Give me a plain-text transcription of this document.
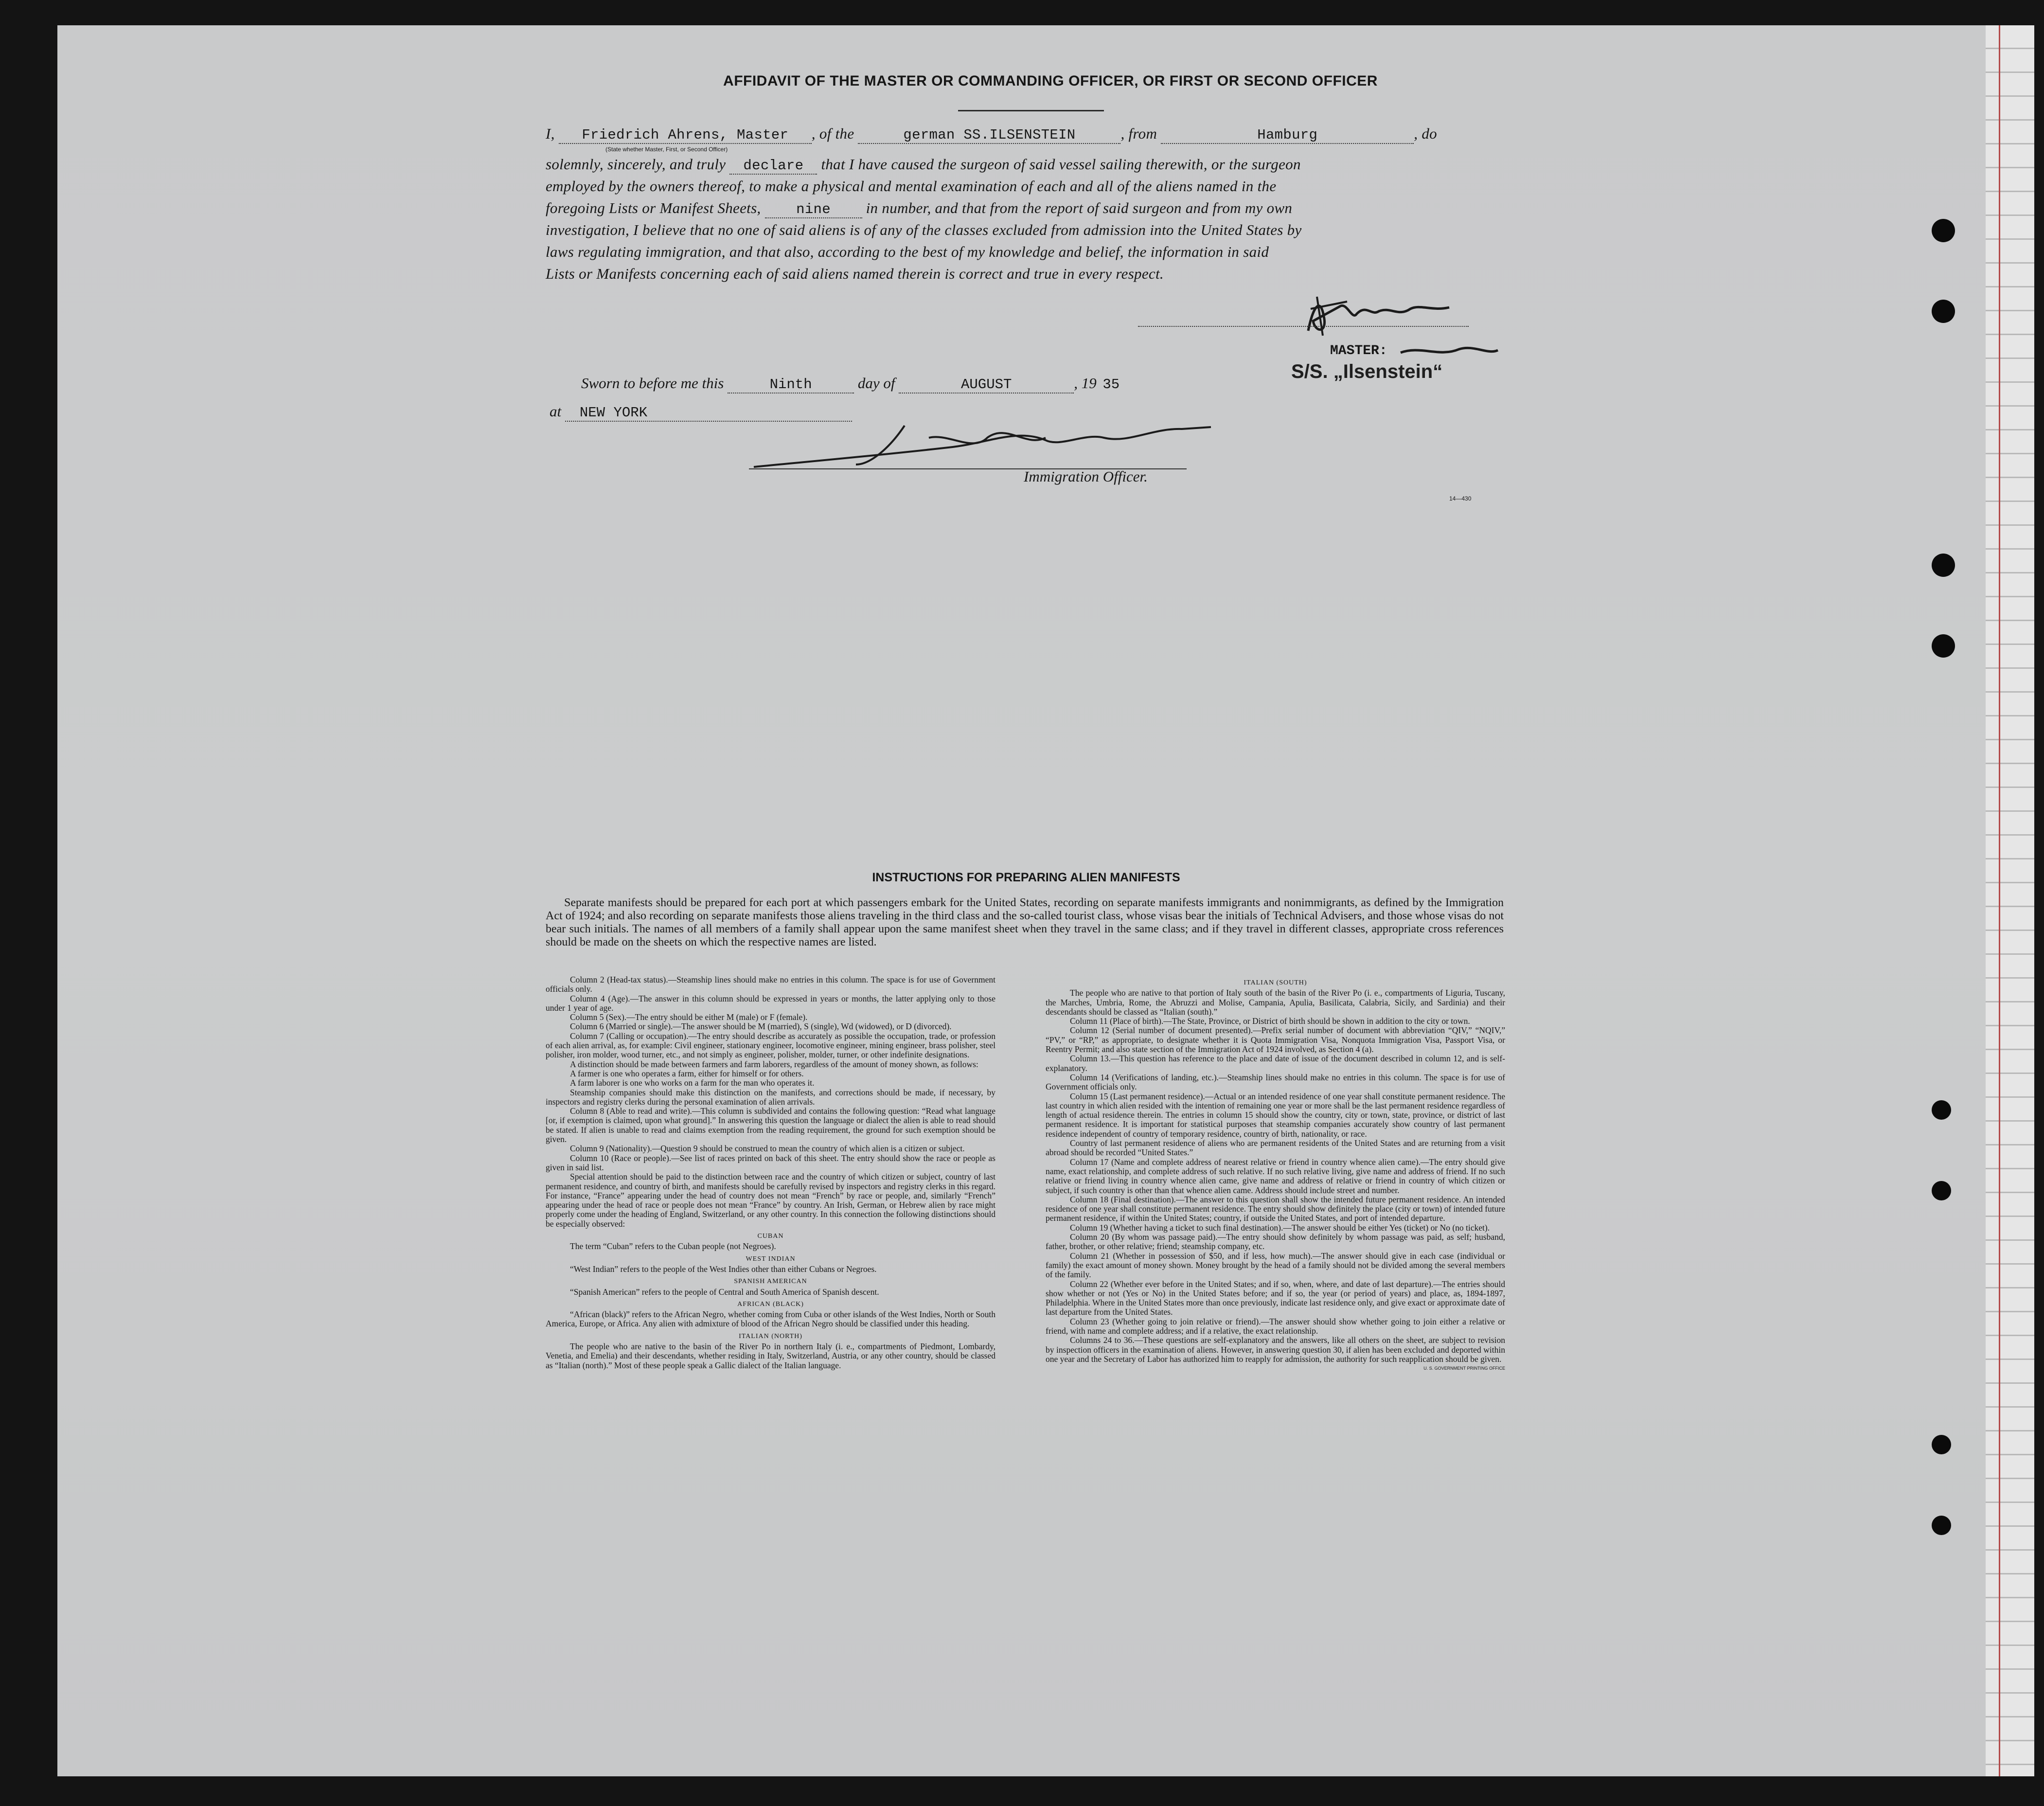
AFFIDAVIT OF THE MASTER OR COMMANDING OFFICER, OR FIRST OR SECOND OFFICER
I, Friedrich Ahrens, Master , of the	german SS.ILSENSTEIN	, from	Hamburg	, do
(State whether Master, First, or Second Officer)
solemnly, sincerely, and truly declare that I have caused the surgeon of said vessel sailing therewith, or the surgeon
employed by the owners thereof, to make a physical and mental examination of each and all of the aliens named in the
foregoing Lists or Manifest Sheets,	nine in number, and that from the report of said surgeon and from my own
investigation, I believe that no one of said aliens is of any of the classes excluded from admission into the United States by
laws regulating immigration, and that also, according to the best of my knowledge and belief, the information in said
Lists or Manifests concerning each of said aliens named therein is correct and true in every respect.
MASTER:
S/S. „Ilsenstein“
Sworn to before me this	Ninth	day of	AUGUST	, 19 35
at NEW YORK
Immigration Officer.
14—430
INSTRUCTIONS FOR PREPARING ALIEN MANIFESTS

Separate manifests should be prepared for each port at which passengers embark for the United States, recording on separate manifests immigrants and nonimmigrants, as defined by the Immigration Act of 1924; and also recording on separate manifests those aliens traveling in the third class and the so-called tourist class, whose visas bear the initials of Technical Advisers, and those whose visas do not bear such initials. The names of all members of a family shall appear upon the same manifest sheet when they travel in the same class; and if they travel in different classes, appropriate cross references should be made on the sheets on which the respective names are listed.

Column 2 (Head-tax status).—Steamship lines should make no entries in this column. The space is for use of Government officials only.

Column 4 (Age).—The answer in this column should be expressed in years or months, the latter applying only to those under 1 year of age.

Column 5 (Sex).—The entry should be either M (male) or F (female).

Column 6 (Married or single).—The answer should be M (married), S (single), Wd (widowed), or D (divorced).

Column 7 (Calling or occupation).—The entry should describe as accurately as possible the occupation, trade, or profession of each alien arrival, as, for example: Civil engineer, stationary engineer, locomotive engineer, mining engineer, brass polisher, steel polisher, iron molder, wood turner, etc., and not simply as engineer, polisher, molder, turner, or other indefinite designations.

A distinction should be made between farmers and farm laborers, regardless of the amount of money shown, as follows:

A farmer is one who operates a farm, either for himself or for others.

A farm laborer is one who works on a farm for the man who operates it.

Steamship companies should make this distinction on the manifests, and corrections should be made, if necessary, by inspectors and registry clerks during the personal examination of alien arrivals.

Column 8 (Able to read and write).—This column is subdivided and contains the following question: “Read what language [or, if exemption is claimed, upon what ground].” In answering this question the language or dialect the alien is able to read should be stated. If alien is unable to read and claims exemption from the reading requirement, the ground for such exemption should be given.

Column 9 (Nationality).—Question 9 should be construed to mean the country of which alien is a citizen or subject.

Column 10 (Race or people).—See list of races printed on back of this sheet. The entry should show the race or people as given in said list.

Special attention should be paid to the distinction between race and the country of which citizen or subject, country of last permanent residence, and country of birth, and manifests should be carefully revised by inspectors and registry clerks in this regard. For instance, “France” appearing under the head of country does not mean “French” by race or people, and, similarly “French” appearing under the head of race or people does not mean “France” by country. An Irish, German, or Hebrew alien by race might properly come under the heading of England, Switzerland, or any other country. In this connection the following distinctions should be especially observed:

CUBAN

The term “Cuban” refers to the Cuban people (not Negroes).

WEST INDIAN

“West Indian” refers to the people of the West Indies other than either Cubans or Negroes.

SPANISH AMERICAN

“Spanish American” refers to the people of Central and South America of Spanish descent.

AFRICAN (BLACK)

“African (black)” refers to the African Negro, whether coming from Cuba or other islands of the West Indies, North or South America, Europe, or Africa. Any alien with admixture of blood of the African Negro should be classified under this heading.

ITALIAN (NORTH)

The people who are native to the basin of the River Po in northern Italy (i. e., compartments of Piedmont, Lombardy, Venetia, and Emelia) and their descendants, whether residing in Italy, Switzerland, Austria, or any other country, should be classed as “Italian (north).” Most of these people speak a Gallic dialect of the Italian language.

ITALIAN (SOUTH)

The people who are native to that portion of Italy south of the basin of the River Po (i. e., compartments of Liguria, Tuscany, the Marches, Umbria, Rome, the Abruzzi and Molise, Campania, Apulia, Basilicata, Calabria, Sicily, and Sardinia) and their descendants should be classed as “Italian (south).”

Column 11 (Place of birth).—The State, Province, or District of birth should be shown in addition to the city or town.

Column 12 (Serial number of document presented).—Prefix serial number of document with abbreviation “QIV,” “NQIV,” “PV,” or “RP,” as appropriate, to designate whether it is Quota Immigration Visa, Nonquota Immigration Visa, Passport Visa, or Reentry Permit; and also state section of the Immigration Act of 1924 involved, as Section 4 (a).

Column 13.—This question has reference to the place and date of issue of the document described in column 12, and is self-explanatory.

Column 14 (Verifications of landing, etc.).—Steamship lines should make no entries in this column. The space is for use of Government officials only.

Column 15 (Last permanent residence).—Actual or an intended residence of one year shall constitute permanent residence. The last country in which alien resided with the intention of remaining one year or more shall be the last permanent residence regardless of length of actual residence therein. The entries in column 15 should show the country, city or town, state, province, or district of last permanent residence. It is important for statistical purposes that steamship companies accurately show country of last permanent residence independent of country of temporary residence, country of birth, nationality, or race.

Country of last permanent residence of aliens who are permanent residents of the United States and are returning from a visit abroad should be recorded “United States.”

Column 17 (Name and complete address of nearest relative or friend in country whence alien came).—The entry should give name, exact relationship, and complete address of such relative. If no such relative living, give name and address of friend. If no such relative or friend living in country whence alien came, give name and address of relative or friend in country of which citizen or subject, if such country is other than that whence alien came. Address should include street and number.

Column 18 (Final destination).—The answer to this question shall show the intended future permanent residence. An intended residence of one year shall constitute permanent residence. The entry should show definitely the place (city or town) of intended future permanent residence, if within the United States; country, if outside the United States, and port of intended departure.

Column 19 (Whether having a ticket to such final destination).—The answer should be either Yes (ticket) or No (no ticket).

Column 20 (By whom was passage paid).—The entry should show definitely by whom passage was paid, as self; husband, father, brother, or other relative; friend; steamship company, etc.

Column 21 (Whether in possession of $50, and if less, how much).—The answer should give in each case (individual or family) the exact amount of money shown. Money brought by the head of a family should not be divided among the several members of the family.

Column 22 (Whether ever before in the United States; and if so, when, where, and date of last departure).—The entries should show whether or not (Yes or No) in the United States before; and if so, the year (or period of years) and place, as, 1894-1897, Philadelphia. Where in the United States more than once previously, indicate last residence only, and give exact or approximate date of last departure from the United States.

Column 23 (Whether going to join relative or friend).—The answer should show whether going to join either a relative or friend, with name and complete address; and if a relative, the exact relationship.

Columns 24 to 36.—These questions are self-explanatory and the answers, like all others on the sheet, are subject to revision by inspection officers in the examination of aliens. However, in answering question 30, if alien has been excluded and deported within one year and the Secretary of Labor has authorized him to reapply for admission, the authority for such reapplication should be given.

U. S. GOVERNMENT PRINTING OFFICE
